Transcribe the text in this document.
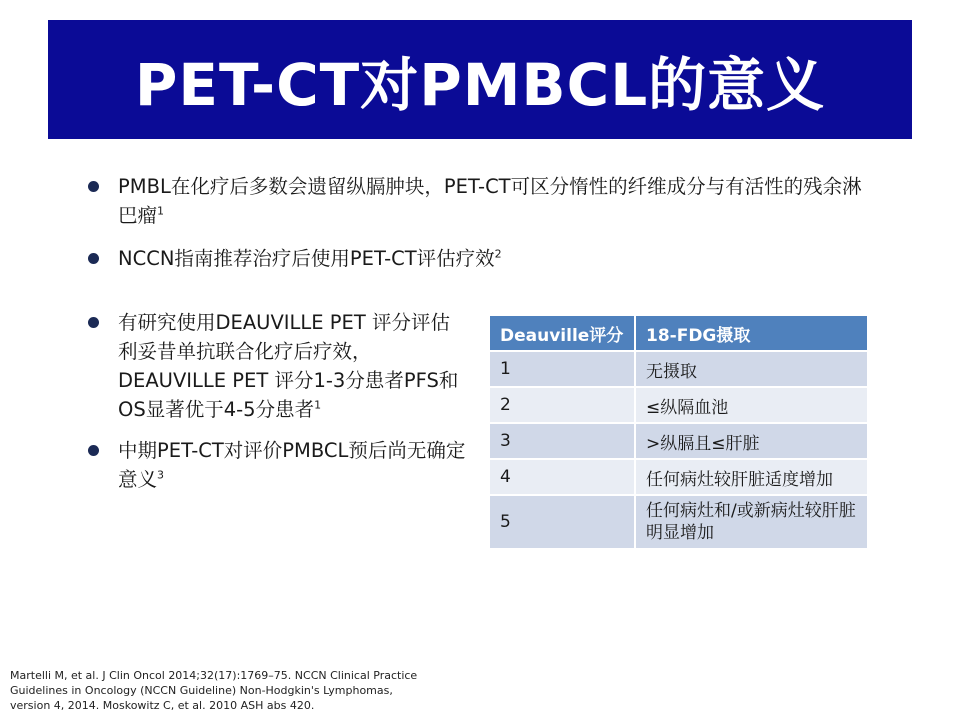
PET-CT对PMBCL的意义
PMBL在化疗后多数会遗留纵膈肿块，PET-CT可区分惰性的纤维成分与有活性的残余淋巴瘤$^1$
NCCN指南推荐治疗后使用PET-CT评估疗效$^2$
有研究使用DEAUVILLE PET 评分评估利妥昔单抗联合化疗后疗效，DEAUVILLE PET 评分1-3分患者PFS和OS显著优于4-5分患者$^1$
中期PET-CT对评价PMBCL预后尚无确定意义$^3$
Deauville评分	18-FDG摄取
1	无摄取
2	≤纵隔血池
3	>纵膈且≤肝脏
4	任何病灶较肝脏适度增加
5	任何病灶和/或新病灶较肝脏明显增加
Martelli M, et al. J Clin Oncol 2014;32(17):1769–75. NCCN Clinical Practice Guidelines in Oncology (NCCN Guideline) Non-Hodgkin's Lymphomas, version 4, 2014. Moskowitz C, et al. 2010 ASH abs 420.
